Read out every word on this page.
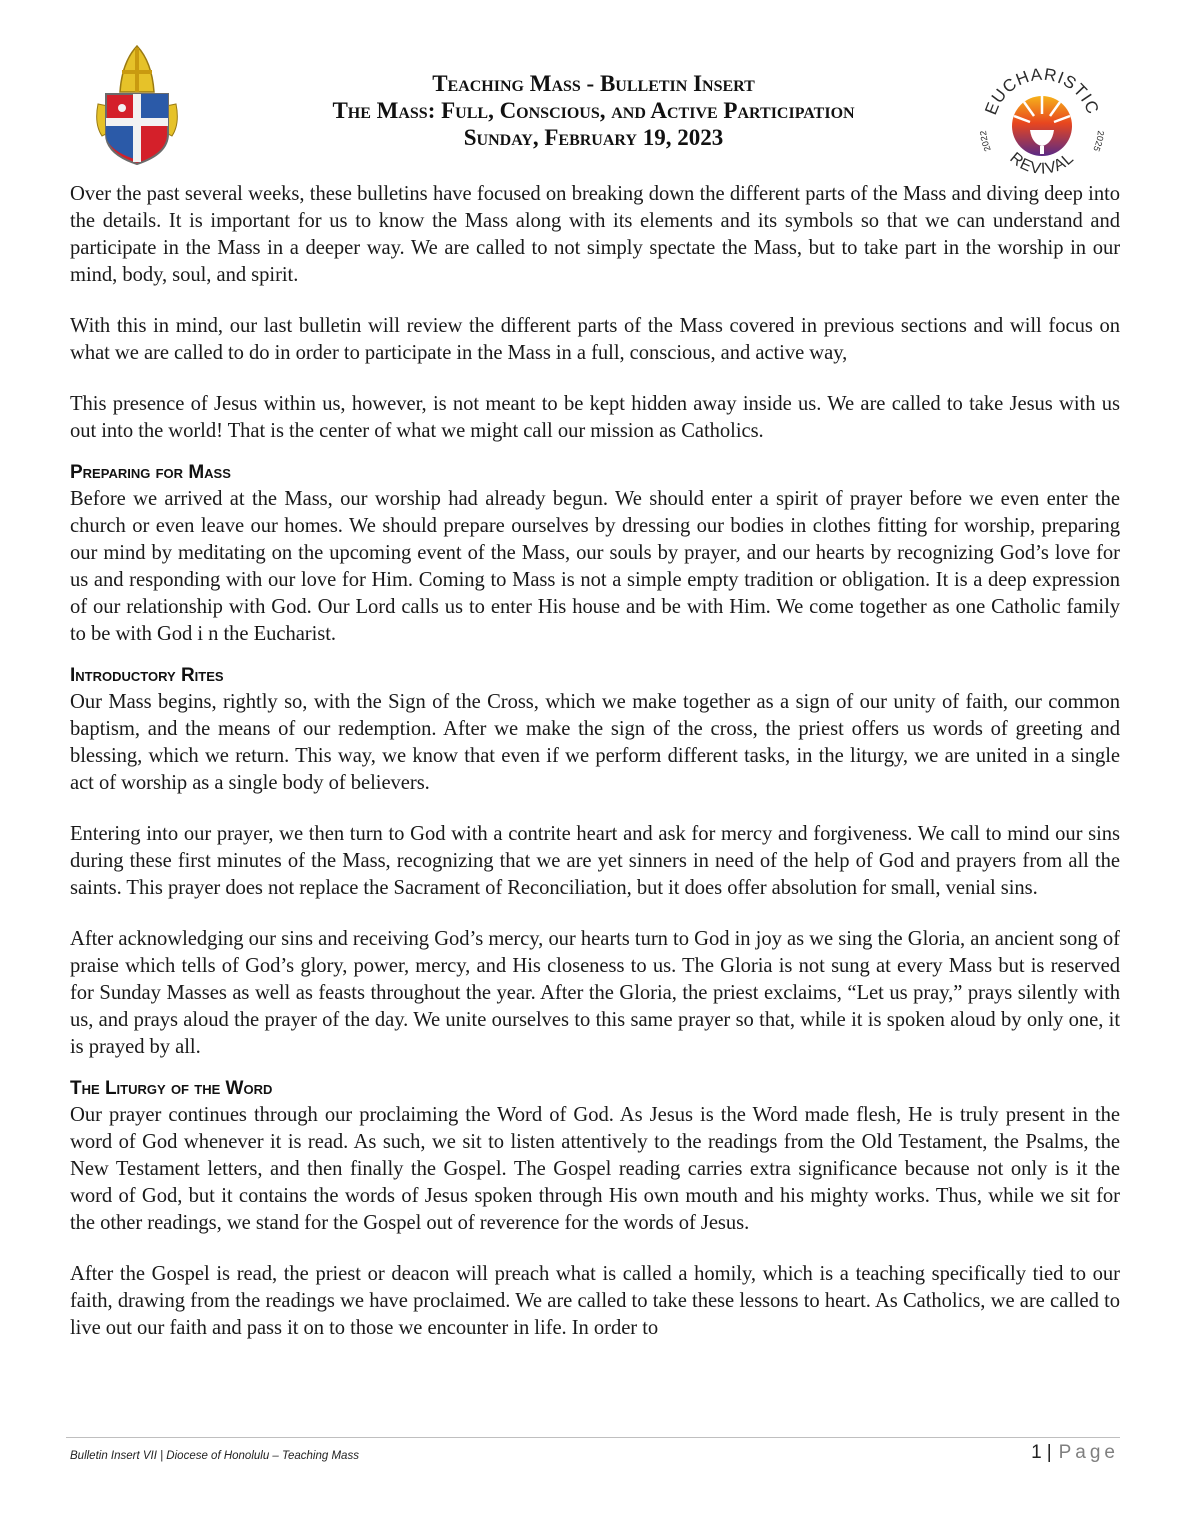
Teaching Mass - Bulletin Insert
The Mass: Full, Conscious, and Active Participation
Sunday, February 19, 2023
EUCHARISTIC
REVIVAL
2022	2025

Over the past several weeks, these bulletins have focused on breaking down the different parts of the Mass and diving deep into the details. It is important for us to know the Mass along with its elements and its symbols so that we can understand and participate in the Mass in a deeper way. We are called to not simply spectate the Mass, but to take part in the worship in our mind, body, soul, and spirit.

With this in mind, our last bulletin will review the different parts of the Mass covered in previous sections and will focus on what we are called to do in order to participate in the Mass in a full, conscious, and active way,

This presence of Jesus within us, however, is not meant to be kept hidden away inside us. We are called to take Jesus with us out into the world! That is the center of what we might call our mission as Catholics.

Preparing for Mass

Before we arrived at the Mass, our worship had already begun. We should enter a spirit of prayer before we even enter the church or even leave our homes. We should prepare ourselves by dressing our bodies in clothes fitting for worship, preparing our mind by meditating on the upcoming event of the Mass, our souls by prayer, and our hearts by recognizing God’s love for us and responding with our love for Him. Coming to Mass is not a simple empty tradition or obligation. It is a deep expression of our relationship with God. Our Lord calls us to enter His house and be with Him. We come together as one Catholic family to be with God i n the Eucharist.

Introductory Rites

Our Mass begins, rightly so, with the Sign of the Cross, which we make together as a sign of our unity of faith, our common baptism, and the means of our redemption. After we make the sign of the cross, the priest offers us words of greeting and blessing, which we return. This way, we know that even if we perform different tasks, in the liturgy, we are united in a single act of worship as a single body of believers.

Entering into our prayer, we then turn to God with a contrite heart and ask for mercy and forgiveness. We call to mind our sins during these first minutes of the Mass, recognizing that we are yet sinners in need of the help of God and prayers from all the saints. This prayer does not replace the Sacrament of Reconciliation, but it does offer absolution for small, venial sins.

After acknowledging our sins and receiving God’s mercy, our hearts turn to God in joy as we sing the Gloria, an ancient song of praise which tells of God’s glory, power, mercy, and His closeness to us. The Gloria is not sung at every Mass but is reserved for Sunday Masses as well as feasts throughout the year. After the Gloria, the priest exclaims, “Let us pray,” prays silently with us, and prays aloud the prayer of the day. We unite ourselves to this same prayer so that, while it is spoken aloud by only one, it is prayed by all.

The Liturgy of the Word

Our prayer continues through our proclaiming the Word of God. As Jesus is the Word made flesh, He is truly present in the word of God whenever it is read. As such, we sit to listen attentively to the readings from the Old Testament, the Psalms, the New Testament letters, and then finally the Gospel. The Gospel reading carries extra significance because not only is it the word of God, but it contains the words of Jesus spoken through His own mouth and his mighty works. Thus, while we sit for the other readings, we stand for the Gospel out of reverence for the words of Jesus.

After the Gospel is read, the priest or deacon will preach what is called a homily, which is a teaching specifically tied to our faith, drawing from the readings we have proclaimed. We are called to take these lessons to heart. As Catholics, we are called to live out our faith and pass it on to those we encounter in life. In order to

Bulletin Insert VII | Diocese of Honolulu – Teaching Mass	1 | Page
